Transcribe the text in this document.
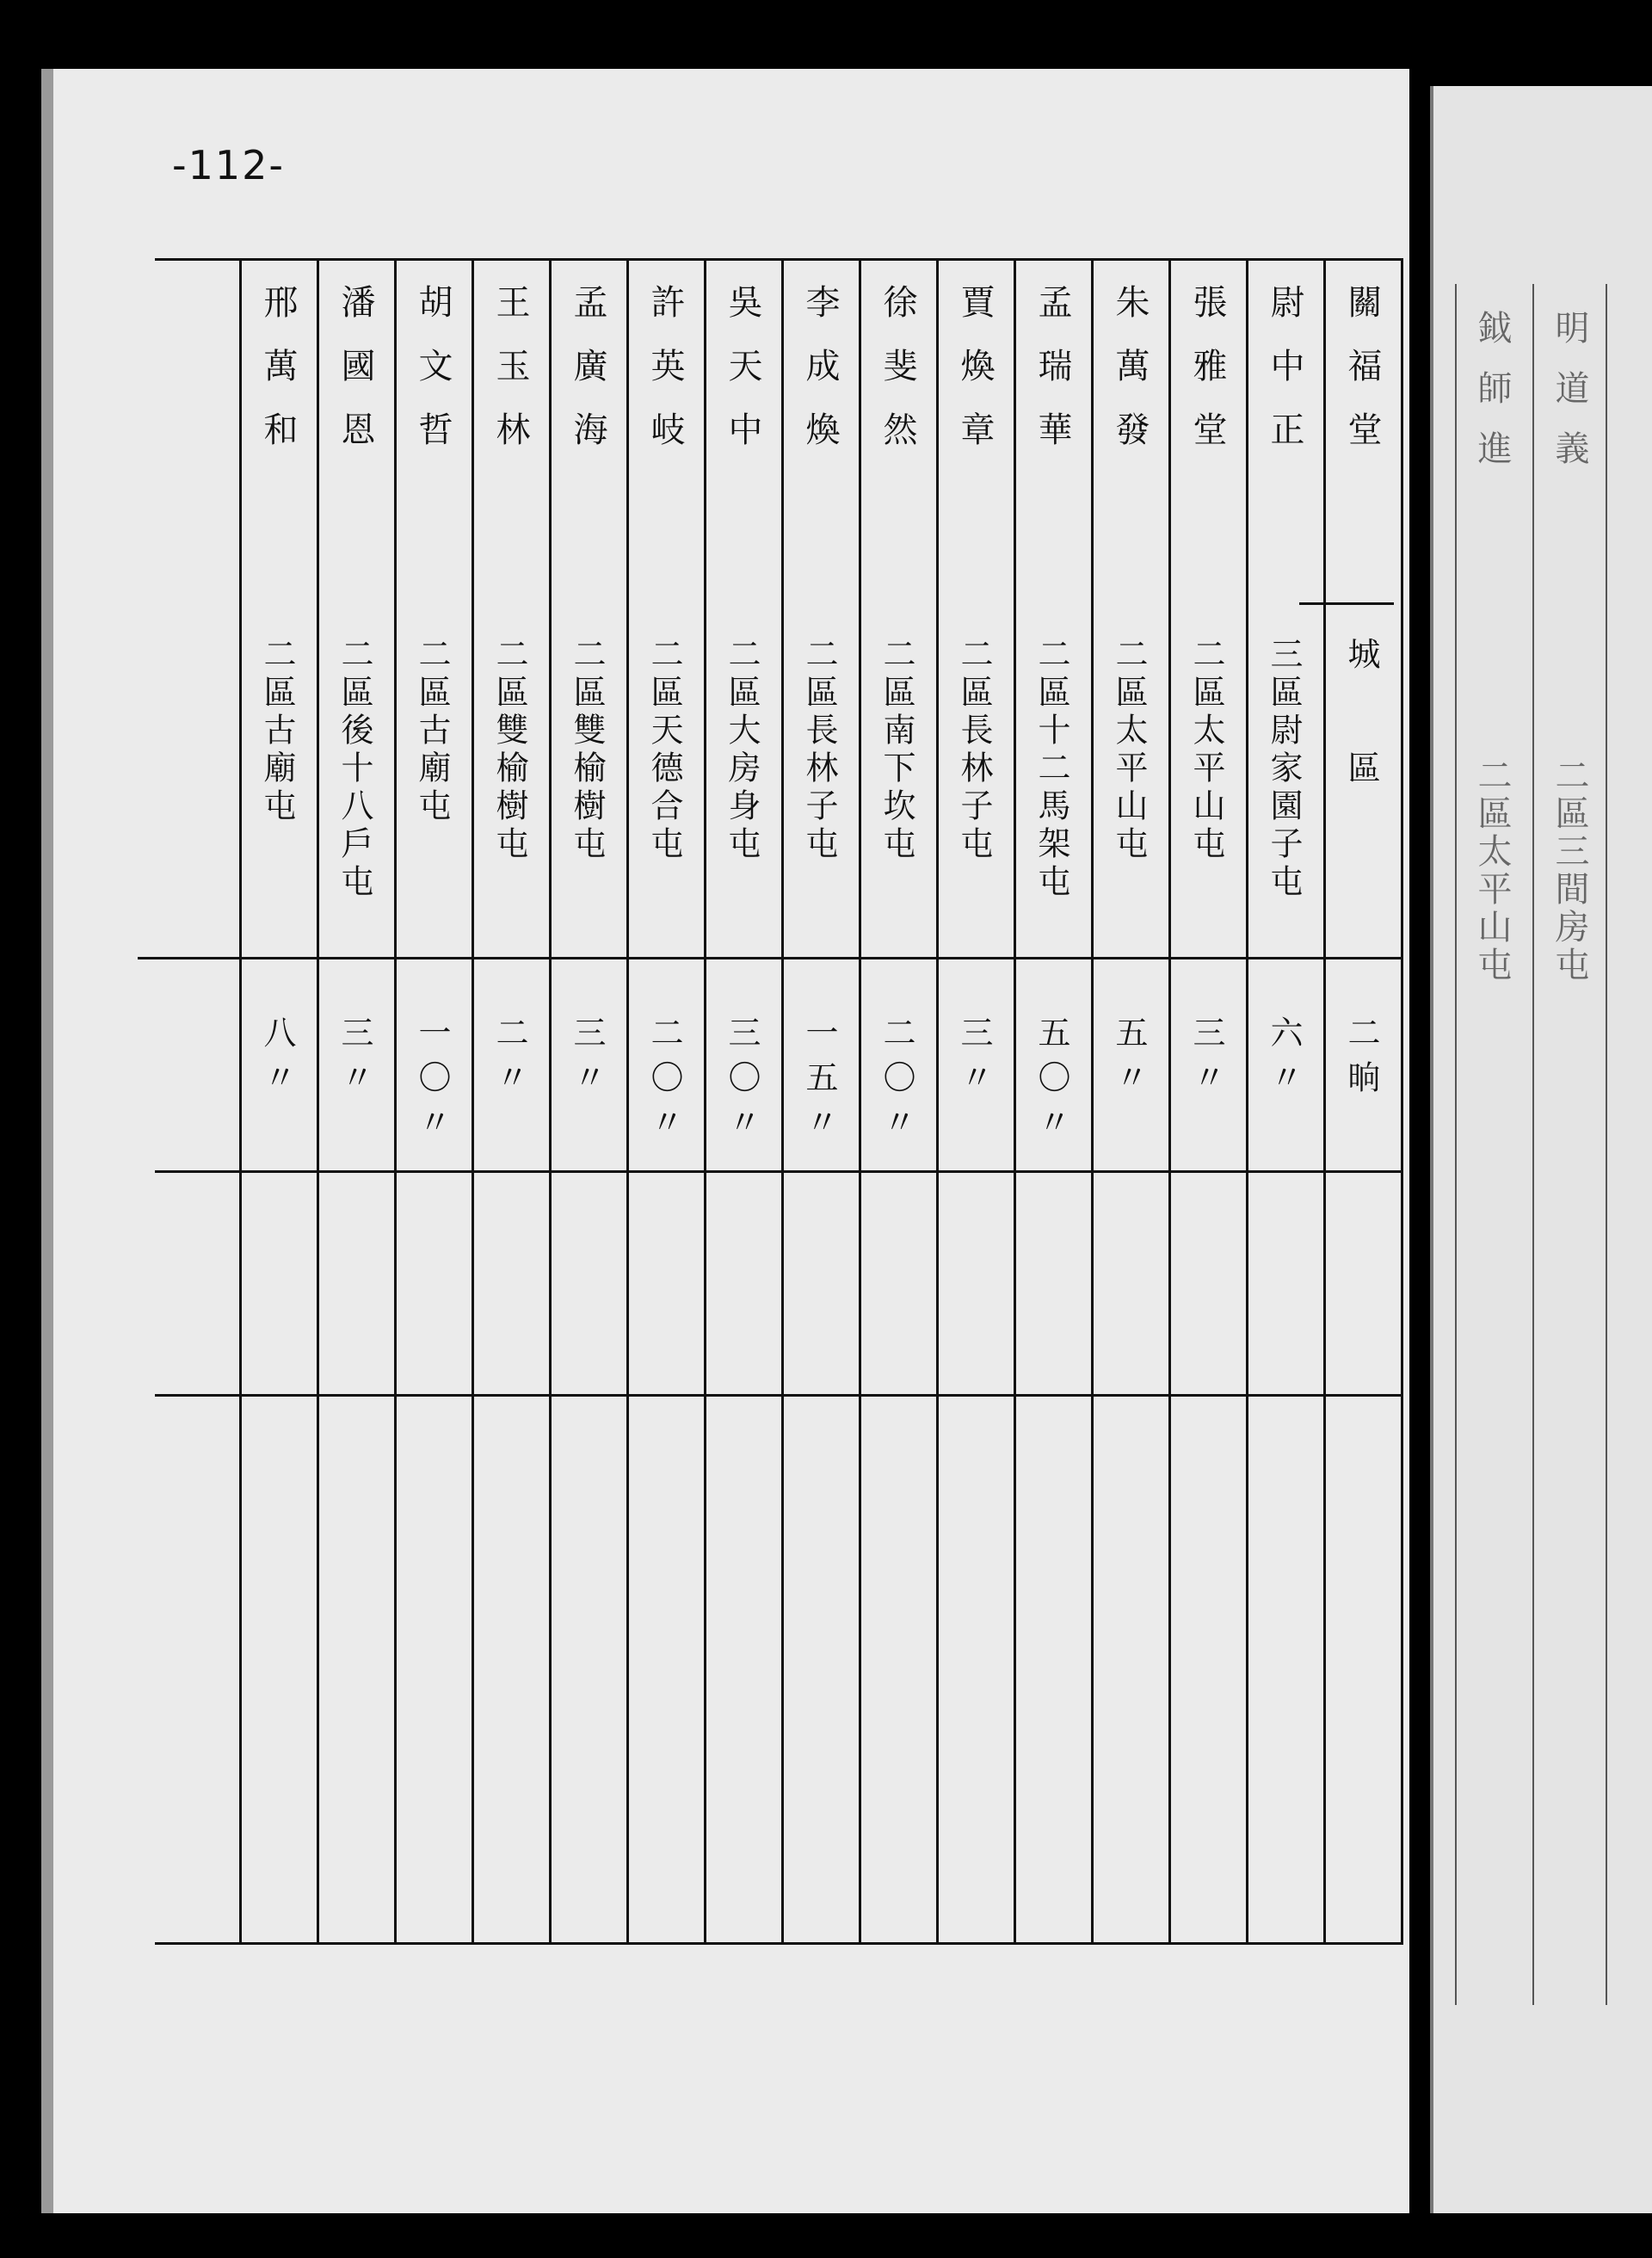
-112-
關福堂
城　　區
二晌
尉中正
三區尉家園子屯
六〃
張雅堂
二區太平山屯
三〃
朱萬發
二區太平山屯
五〃
孟瑞華
二區十二馬架屯
五〇〃
賈煥章
二區長林子屯
三〃
徐斐然
二區南下坎屯
二〇〃
李成煥
二區長林子屯
一五〃
吳天中
二區大房身屯
三〇〃
許英岐
二區天德合屯
二〇〃
孟廣海
二區雙榆樹屯
三〃
王玉林
二區雙榆樹屯
二〃
胡文哲
二區古廟屯
一〇〃
潘國恩
二區後十八戶屯
三〃
邢萬和
二區古廟屯
八〃
鉞師進 明道義
二區太平山屯 二區三間房屯
